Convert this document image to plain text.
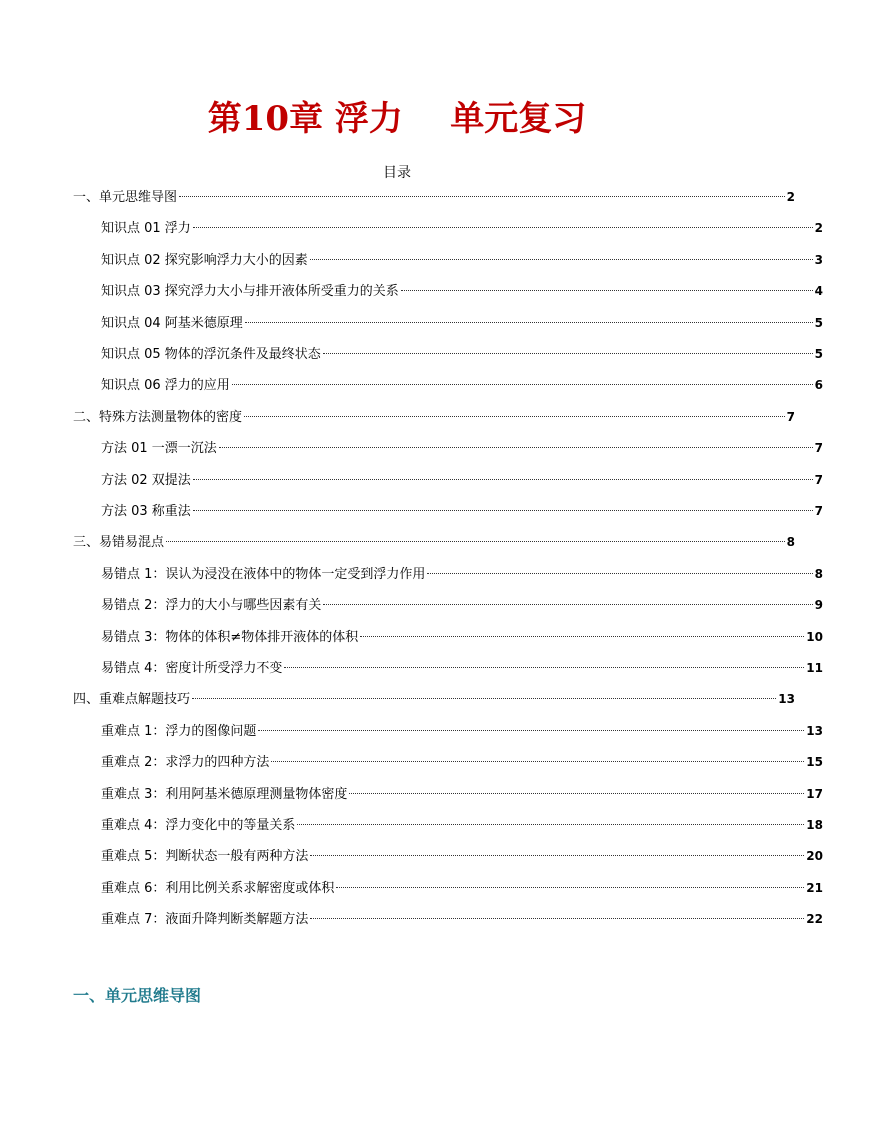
第10章 浮力    单元复习
目录
一、单元思维导图	2
知识点 01 浮力	2
知识点 02 探究影响浮力大小的因素	3
知识点 03 探究浮力大小与排开液体所受重力的关系	4
知识点 04 阿基米德原理	5
知识点 05 物体的浮沉条件及最终状态	5
知识点 06 浮力的应用	6
二、特殊方法测量物体的密度	7
方法 01 一漂一沉法	7
方法 02 双提法	7
方法 03 称重法	7
三、易错易混点	8
易错点 1：误认为浸没在液体中的物体一定受到浮力作用	8
易错点 2：浮力的大小与哪些因素有关	9
易错点 3：物体的体积≠物体排开液体的体积	10
易错点 4：密度计所受浮力不变	11
四、重难点解题技巧	13
重难点 1：浮力的图像问题	13
重难点 2：求浮力的四种方法	15
重难点 3：利用阿基米德原理测量物体密度	17
重难点 4：浮力变化中的等量关系	18
重难点 5：判断状态一般有两种方法	20
重难点 6：利用比例关系求解密度或体积	21
重难点 7：液面升降判断类解题方法	22
一、单元思维导图
